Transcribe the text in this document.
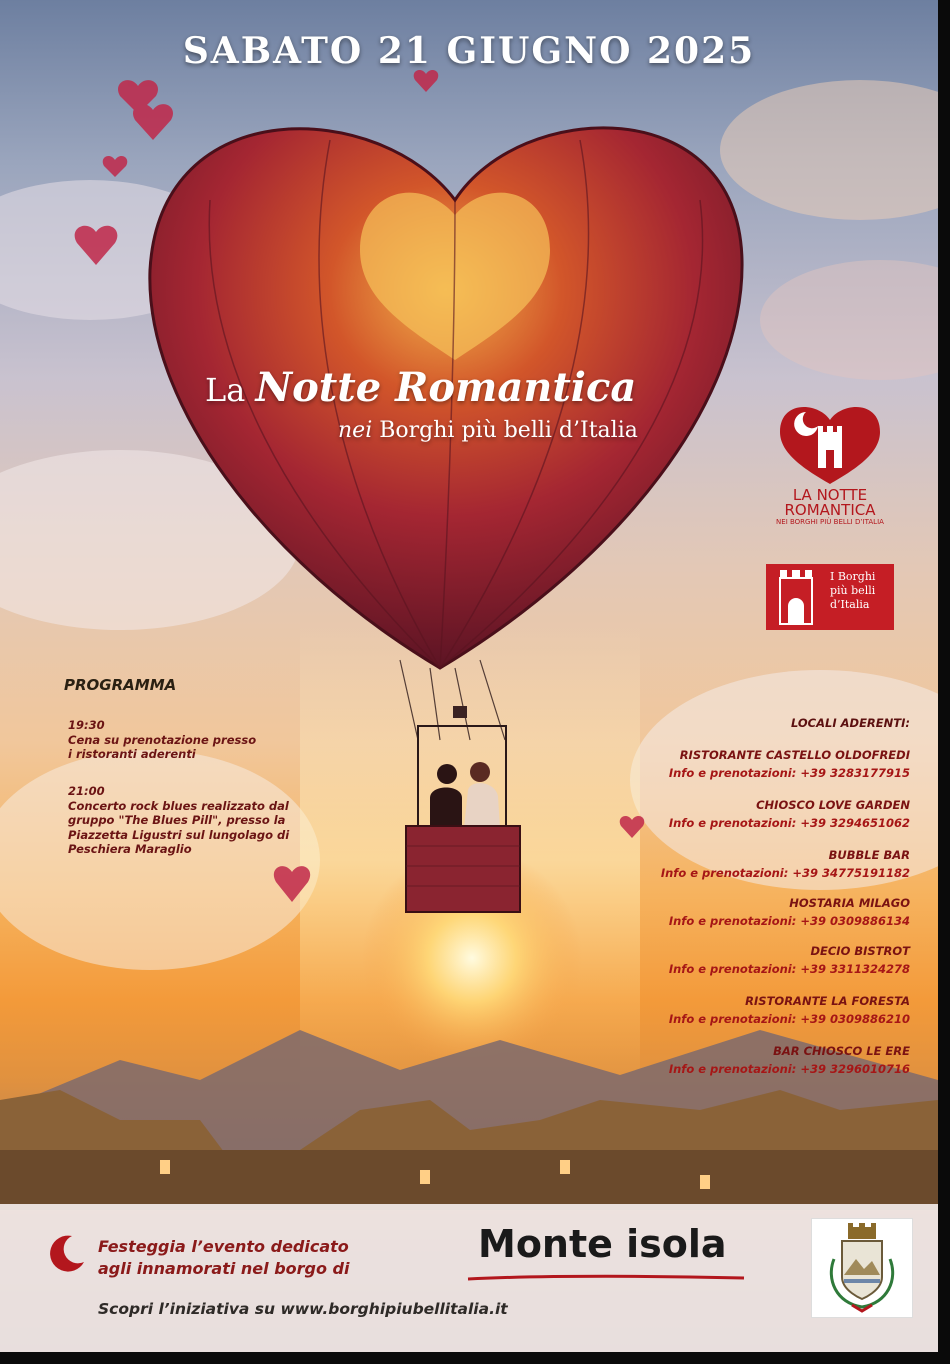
SABATO 21 GIUGNO 2025
La Notte Romantica
nei Borghi più belli d’Italia
LA NOTTE
ROMANTICA
NEI BORGHI PIÙ BELLI D’ITALIA
I Borghi
più belli
d’Italia
PROGRAMMA
19:30
Cena su prenotazione presso
i ristoranti aderenti
21:00
Concerto rock blues realizzato dal
gruppo "The Blues Pill", presso la
Piazzetta Ligustri sul lungolago di
Peschiera Maraglio
LOCALI ADERENTI:
RISTORANTE CASTELLO OLDOFREDI
Info e prenotazioni: +39 3283177915
CHIOSCO LOVE GARDEN
Info e prenotazioni: +39 3294651062
BUBBLE BAR
Info e prenotazioni: +39 34775191182
HOSTARIA MILAGO
Info e prenotazioni: +39 0309886134
DECIO BISTROT
Info e prenotazioni: +39 3311324278
RISTORANTE LA FORESTA
Info e prenotazioni: +39 0309886210
BAR CHIOSCO LE ERE
Info e prenotazioni: +39 3296010716
Festeggia l’evento dedicato
agli innamorati nel borgo di
Monte isola
Scopri l’iniziativa su www.borghipiubellitalia.it
